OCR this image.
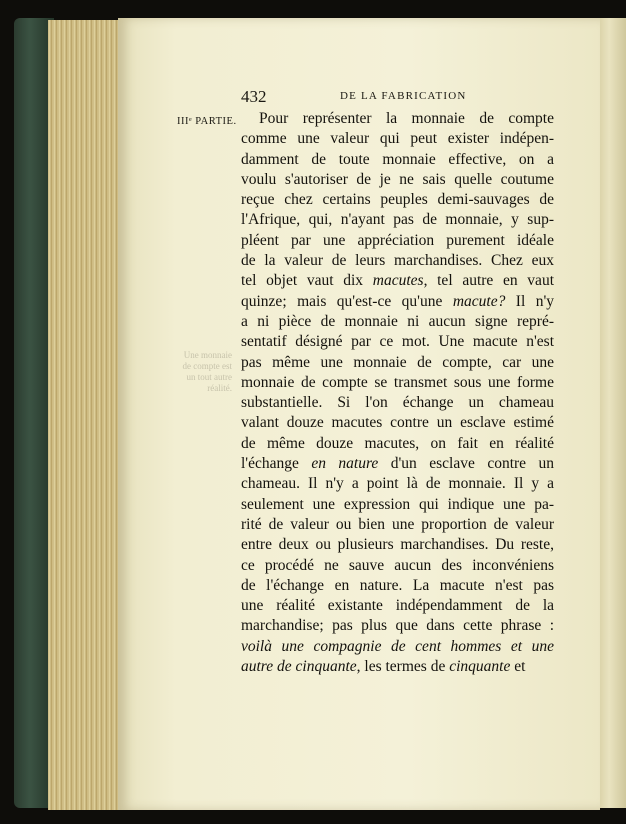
432	DE LA FABRICATION
IIIᵉ PARTIE.
Une monnaie de compte est un tout autre réalité.
Pour représenter la monnaie de compte
comme une valeur qui peut exister indépen-
damment de toute monnaie effective, on a
voulu s'autoriser de je ne sais quelle coutume
reçue chez certains peuples demi-sauvages de
l'Afrique, qui, n'ayant pas de monnaie, y sup-
pléent par une appréciation purement idéale
de la valeur de leurs marchandises. Chez eux
tel objet vaut dix macutes, tel autre en vaut
quinze; mais qu'est-ce qu'une macute? Il n'y
a ni pièce de monnaie ni aucun signe repré-
sentatif désigné par ce mot. Une macute n'est
pas même une monnaie de compte, car une
monnaie de compte se transmet sous une forme
substantielle. Si l'on échange un chameau
valant douze macutes contre un esclave estimé
de même douze macutes, on fait en réalité
l'échange en nature d'un esclave contre un
chameau. Il n'y a point là de monnaie. Il y a
seulement une expression qui indique une pa-
rité de valeur ou bien une proportion de valeur
entre deux ou plusieurs marchandises. Du reste,
ce procédé ne sauve aucun des inconvéniens
de l'échange en nature. La macute n'est pas
une réalité existante indépendamment de la
marchandise; pas plus que dans cette phrase :
voilà une compagnie de cent hommes et une
autre de cinquante, les termes de cinquante et
